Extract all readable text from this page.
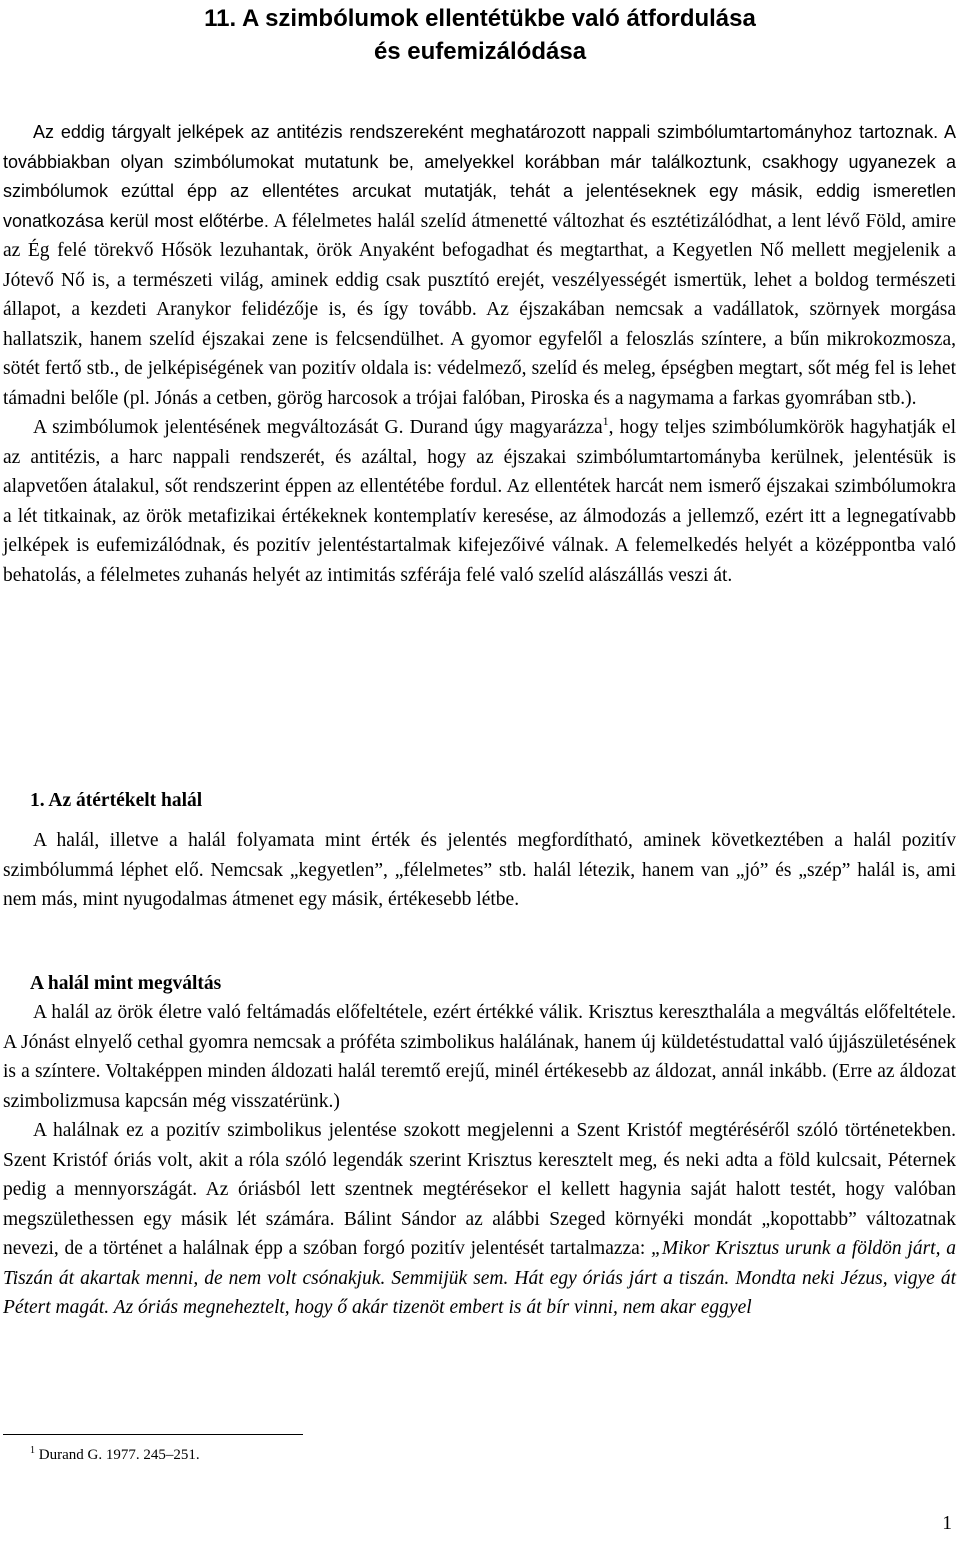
11. A szimbólumok ellentétükbe való átfordulása
és eufemizálódása

Az eddig tárgyalt jelképek az antitézis rendszereként meghatározott nappali szimbólumtartományhoz tartoznak. A továbbiakban olyan szimbólumokat mutatunk be, amelyekkel korábban már találkoztunk, csakhogy ugyanezek a szimbólumok ezúttal épp az ellentétes arcukat mutatják, tehát a jelentéseknek egy másik, eddig ismeretlen vonatkozása kerül most előtérbe. A félelmetes halál szelíd átmenetté változhat és esztétizálódhat, a lent lévő Föld, amire az Ég felé törekvő Hősök lezuhantak, örök Anyaként befogadhat és megtarthat, a Kegyetlen Nő mellett megjelenik a Jótevő Nő is, a természeti világ, aminek eddig csak pusztító erejét, veszélyességét ismertük, lehet a boldog természeti állapot, a kezdeti Aranykor felidézője is, és így tovább. Az éjszakában nemcsak a vadállatok, szörnyek morgása hallatszik, hanem szelíd éjszakai zene is felcsendülhet. A gyomor egyfelől a feloszlás színtere, a bűn mikrokozmosza, sötét fertő stb., de jelképiségének van pozitív oldala is: védelmező, szelíd és meleg, épségben megtart, sőt még fel is lehet támadni belőle (pl. Jónás a cetben, görög harcosok a trójai falóban, Piroska és a nagymama a farkas gyomrában stb.).

A szimbólumok jelentésének megváltozását G. Durand úgy magyarázza$^1$, hogy teljes szimbólumkörök hagyhatják el az antitézis, a harc nappali rendszerét, és azáltal, hogy az éjszakai szimbólumtartományba kerülnek, jelentésük is alapvetően átalakul, sőt rendszerint éppen az ellentétébe fordul. Az ellentétek harcát nem ismerő éjszakai szimbólumokra a lét titkainak, az örök metafizikai értékeknek kontemplatív keresése, az álmodozás a jellemző, ezért itt a legnegatívabb jelképek is eufemizálódnak, és pozitív jelentéstartalmak kifejezőivé válnak. A felemelkedés helyét a középpontba való behatolás, a félelmetes zuhanás helyét az intimitás szférája felé való szelíd alászállás veszi át.

1. Az átértékelt halál

A halál, illetve a halál folyamata mint érték és jelentés megfordítható, aminek következtében a halál pozitív szimbólummá léphet elő. Nemcsak „kegyetlen”, „félelmetes” stb. halál létezik, hanem van „jó” és „szép” halál is, ami nem más, mint nyugodalmas átmenet egy másik, értékesebb létbe.

A halál mint megváltás

A halál az örök életre való feltámadás előfeltétele, ezért értékké válik. Krisztus kereszthalála a megváltás előfeltétele. A Jónást elnyelő cethal gyomra nemcsak a próféta szimbolikus halálának, hanem új küldetéstudattal való újjászületésének is a színtere. Voltaképpen minden áldozati halál teremtő erejű, minél értékesebb az áldozat, annál inkább. (Erre az áldozat szimbolizmusa kapcsán még visszatérünk.)

A halálnak ez a pozitív szimbolikus jelentése szokott megjelenni a Szent Kristóf megtéréséről szóló történetekben. Szent Kristóf óriás volt, akit a róla szóló legendák szerint Krisztus keresztelt meg, és neki adta a föld kulcsait, Péternek pedig a mennyországát. Az óriásból lett szentnek megtérésekor el kellett hagynia saját halott testét, hogy valóban megszülethessen egy másik lét számára. Bálint Sándor az alábbi Szeged környéki mondát „kopottabb” változatnak nevezi, de a történet a halálnak épp a szóban forgó pozitív jelentését tartalmazza: „Mikor Krisztus urunk a földön járt, a Tiszán át akartak menni, de nem volt csónakjuk. Semmijük sem. Hát egy óriás járt a tiszán. Mondta neki Jézus, vigye át Pétert magát. Az óriás megneheztelt, hogy ő akár tizenöt embert is át bír vinni, nem akar eggyel

$^1$ Durand G. 1977. 245–251.
1
